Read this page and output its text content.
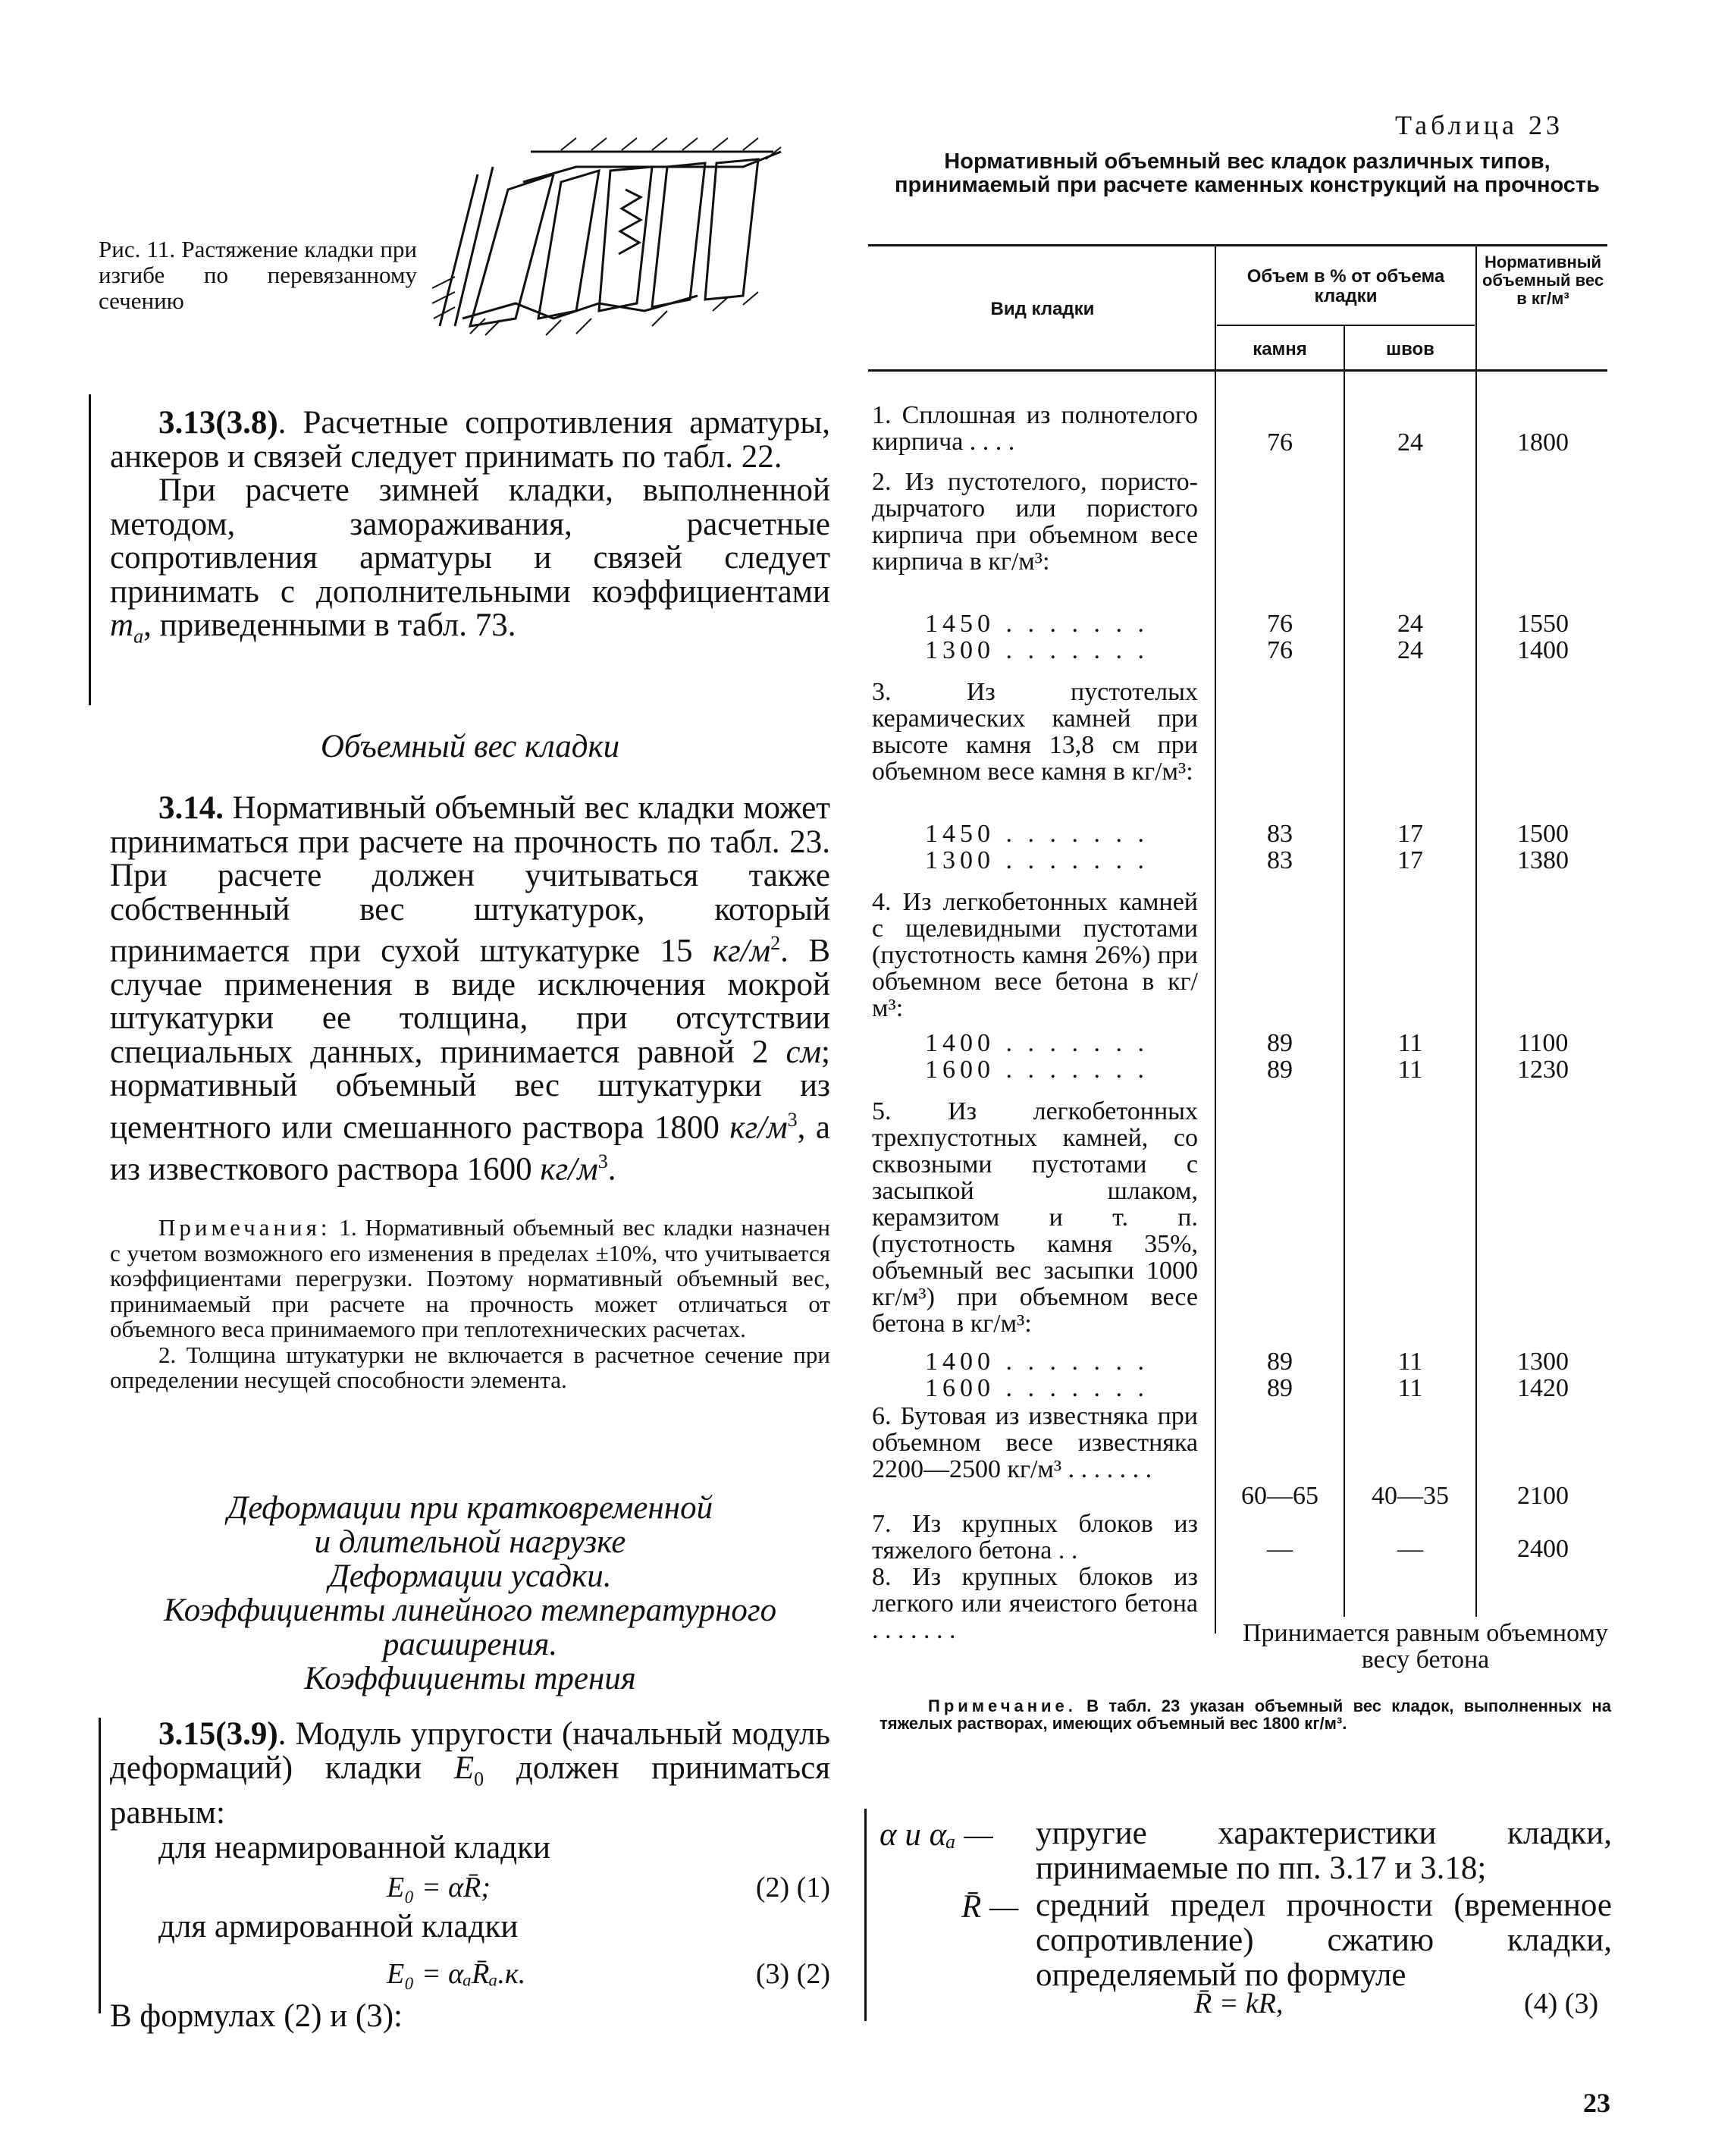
Рис. 11. Растяжение кладки при изгибе по перевязанному сечению

3.13(3.8). Расчетные сопротивления арматуры, анкеров и связей следует принимать по табл. 22.

При расчете зимней кладки, выполненной методом, замораживания, расчетные сопротивления арматуры и связей следует принимать с дополнительными коэффициентами $m_a$, приведенными в табл. 73.

Объемный вес кладки

3.14. Нормативный объемный вес кладки может приниматься при расчете на прочность по табл. 23. При расчете должен учитываться также собственный вес штукатурок, который принимается при сухой штукатурке 15 $кг/м^2$. В случае применения в виде исключения мокрой штукатурки ее толщина, при отсутствии специальных данных, принимается равной 2 см; нормативный объемный вес штукатурки из цементного или смешанного раствора 1800 $кг/м^3$, а из известкового раствора 1600 $кг/м^3$.

Примечания: 1. Нормативный объемный вес кладки назначен с учетом возможного его изменения в пределах ±10%, что учитывается коэффициентами перегрузки. Поэтому нормативный объемный вес, принимаемый при расчете на прочность может отличаться от объемного веса принимаемого при теплотехнических расчетах.

2. Толщина штукатурки не включается в расчетное сечение при определении несущей способности элемента.

Деформации при кратковременной
и длительной нагрузке
Деформации усадки.
Коэффициенты линейного температурного
расширения.
Коэффициенты трения

3.15(3.9). Модуль упругости (начальный модуль деформаций) кладки $E_0$ должен приниматься равным:

для неармированной кладки
E₀ = αR̄;	(2) (1)
для армированной кладки
E₀ = αₐR̄ₐ.к.	(3) (2)
В формулах (2) и (3):
Таблица 23
Нормативный объемный вес кладок различных типов, принимаемый при расчете каменных конструкций на прочность
Вид кладки
Объем в % от объема кладки
камня	швов
Нормативный объемный вес в кг/м³
1. Сплошная из полнотелого кирпича . . . .	76	24	1800
2. Из пустотелого, пористо-дырчатого или пористого кирпича при объемном весе кирпича в кг/м³:
1450 . . . . . . .	76	24	1550
1300 . . . . . . .	76	24	1400
3. Из пустотелых керамических камней при высоте камня 13,8 см при объемном весе камня в кг/м³:
1450 . . . . . . .	83	17	1500
1300 . . . . . . .	83	17	1380
4. Из легкобетонных камней с щелевидными пустотами (пустотность камня 26%) при объемном весе бетона в кг/м³:
1400 . . . . . . .	89	11	1100
1600 . . . . . . .	89	11	1230
5. Из легкобетонных трехпустотных камней, со сквозными пустотами с засыпкой шлаком, керамзитом и т. п. (пустотность камня 35%, объемный вес засыпки 1000 кг/м³) при объемном весе бетона в кг/м³:
1400 . . . . . . .	89	11	1300
1600 . . . . . . .	89	11	1420
6. Бутовая из известняка при объемном весе известняка 2200—2500 кг/м³ . . . . . . .
60—65	40—35	2100
7. Из крупных блоков из тяжелого бетона . .	—	—	2400
8. Из крупных блоков из легкого или ячеистого бетона . . . . . . .	Принимается равным объемному весу бетона
Примечание. В табл. 23 указан объемный вес кладок, выполненных на тяжелых растворах, имеющих объемный вес 1800 кг/м³.
α и αₐ — упругие характеристики кладки, принимаемые по пп. 3.17 и 3.18;
R̄ — средний предел прочности (временное сопротивление) сжатию кладки, определяемый по формуле
R̄ = kR,	(4) (3)
23
